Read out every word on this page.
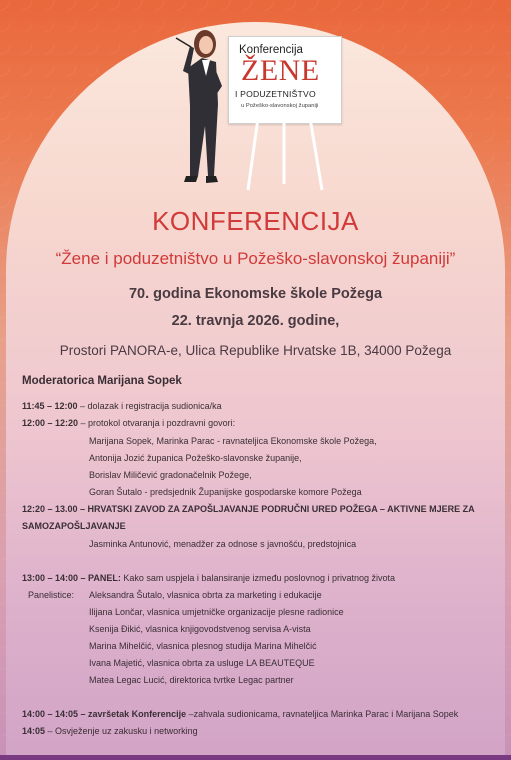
Konferencija
ŽENE
I PODUZETNIŠTVO
u Požeško-slavonskoj županiji
KONFERENCIJA
“Žene i poduzetništvo u Požeško-slavonskoj županiji”
70. godina Ekonomske škole Požega
22. travnja 2026. godine,
Prostori PANORA-e, Ulica Republike Hrvatske 1B, 34000 Požega
Moderatorica Marijana Sopek
11:45 – 12:00 – dolazak i registracija sudionica/ka
12:00 – 12:20 – protokol otvaranja i pozdravni govori:
Marijana Sopek, Marinka Parac - ravnateljica Ekonomske škole Požega,
Antonija Jozić županica Požeško-slavonske županije,
Borislav Miličević gradonačelnik Požege,
Goran Šutalo - predsjednik Županijske gospodarske komore Požega
12:20 – 13.00 – HRVATSKI ZAVOD ZA ZAPOŠLJAVANJE PODRUČNI URED POŽEGA – AKTIVNE MJERE ZA
SAMOZAPOŠLJAVANJE
Jasminka Antunović, menadžer za odnose s javnošću, predstojnica
13:00 – 14:00 – PANEL: Kako sam uspjela i balansiranje između poslovnog i privatnog života
Panelistice: Aleksandra Šutalo, vlasnica obrta za marketing i edukacije
Ilijana Lončar, vlasnica umjetničke organizacije plesne radionice
Ksenija Đikić, vlasnica knjigovodstvenog servisa A-vista
Marina Mihelčić, vlasnica plesnog studija Marina Mihelčić
Ivana Majetić, vlasnica obrta za usluge LA BEAUTEQUE
Matea Legac Lucić, direktorica tvrtke Legac partner
14:00 – 14:05 – završetak Konferencije –zahvala sudionicama, ravnateljica Marinka Parac i Marijana Sopek
14:05 – Osvježenje uz zakusku i networking
